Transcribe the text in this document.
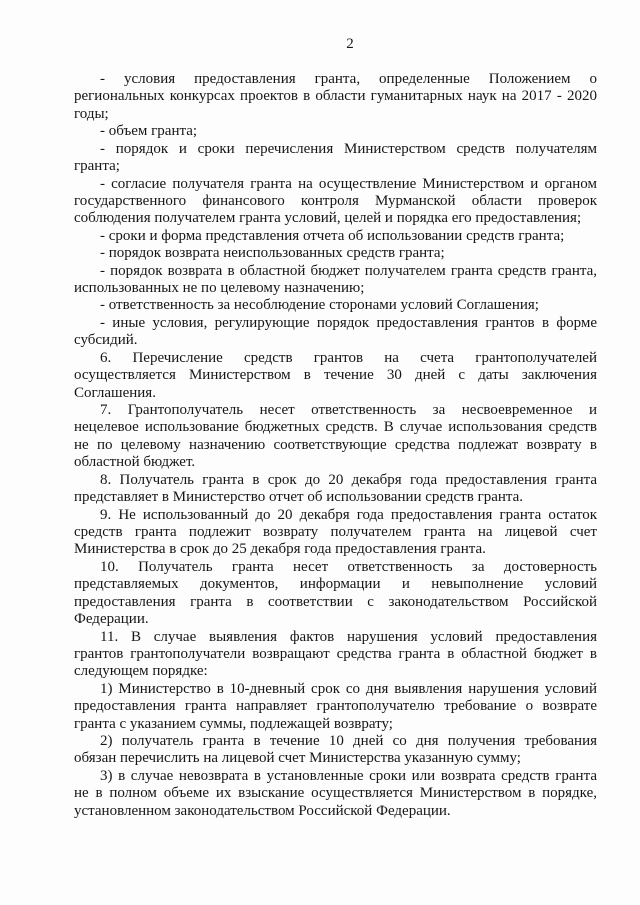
2
- условия предоставления гранта, определенные Положением о
региональных конкурсах проектов в области гуманитарных наук на 2017 - 2020
годы;
- объем гранта;
- порядок и сроки перечисления Министерством средств получателям
гранта;
- согласие получателя гранта на осуществление Министерством и органом
государственного финансового контроля Мурманской области проверок
соблюдения получателем гранта условий, целей и порядка его предоставления;
- сроки и форма представления отчета об использовании средств гранта;
- порядок возврата неиспользованных средств гранта;
- порядок возврата в областной бюджет получателем гранта средств гранта,
использованных не по целевому назначению;
- ответственность за несоблюдение сторонами условий Соглашения;
- иные условия, регулирующие порядок предоставления грантов в форме
субсидий.
6. Перечисление средств грантов на счета грантополучателей
осуществляется Министерством в течение 30 дней с даты заключения
Соглашения.
7. Грантополучатель несет ответственность за несвоевременное и
нецелевое использование бюджетных средств. В случае использования средств
не по целевому назначению соответствующие средства подлежат возврату в
областной бюджет.
8. Получатель гранта в срок до 20 декабря года предоставления гранта
представляет в Министерство отчет об использовании средств гранта.
9. Не использованный до 20 декабря года предоставления гранта остаток
средств гранта подлежит возврату получателем гранта на лицевой счет
Министерства в срок до 25 декабря года предоставления гранта.
10. Получатель гранта несет ответственность за достоверность
представляемых документов, информации и невыполнение условий
предоставления гранта в соответствии с законодательством Российской
Федерации.
11. В случае выявления фактов нарушения условий предоставления
грантов грантополучатели возвращают средства гранта в областной бюджет в
следующем порядке:
1) Министерство в 10-дневный срок со дня выявления нарушения условий
предоставления гранта направляет грантополучателю требование о возврате
гранта с указанием суммы, подлежащей возврату;
2) получатель гранта в течение 10 дней со дня получения требования
обязан перечислить на лицевой счет Министерства указанную сумму;
3) в случае невозврата в установленные сроки или возврата средств гранта
не в полном объеме их взыскание осуществляется Министерством в порядке,
установленном законодательством Российской Федерации.
